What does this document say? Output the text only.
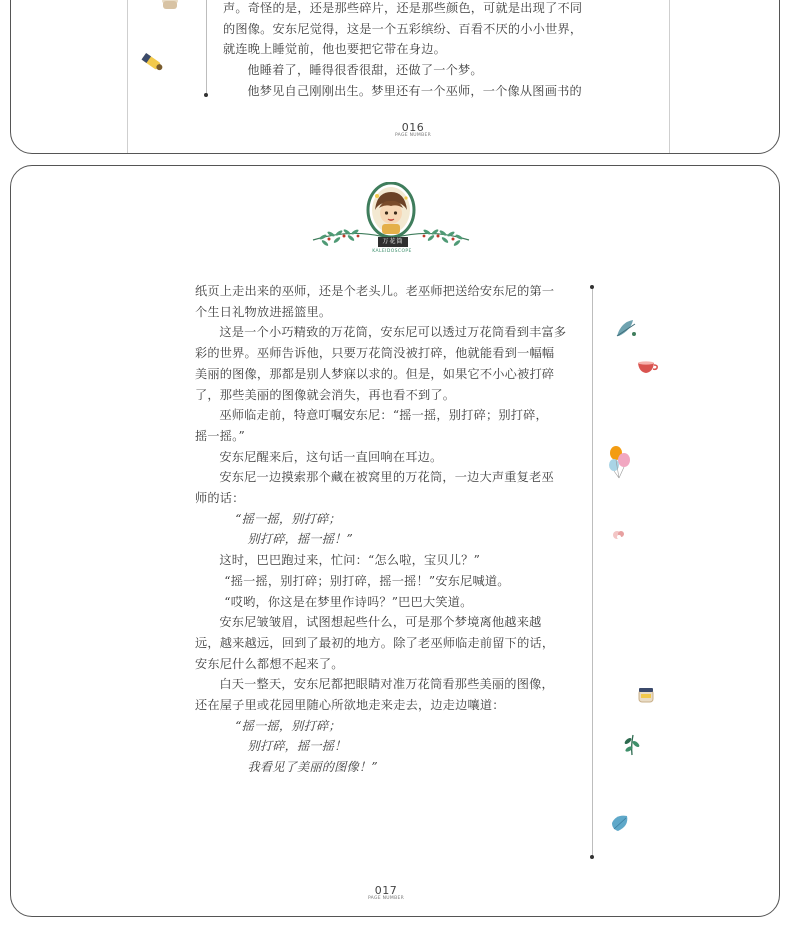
声。奇怪的是，还是那些碎片，还是那些颜色，可就是出现了不同
的图像。安东尼觉得，这是一个五彩缤纷、百看不厌的小小世界，
就连晚上睡觉前，他也要把它带在身边。
他睡着了，睡得很香很甜，还做了一个梦。
他梦见自己刚刚出生。梦里还有一个巫师，一个像从图画书的
016
PAGE NUMBER
万花筒
KALEIDOSCOPE
纸页上走出来的巫师，还是个老头儿。老巫师把送给安东尼的第一
个生日礼物放进摇篮里。
这是一个小巧精致的万花筒，安东尼可以透过万花筒看到丰富多
彩的世界。巫师告诉他，只要万花筒没被打碎，他就能看到一幅幅
美丽的图像，那都是别人梦寐以求的。但是，如果它不小心被打碎
了，那些美丽的图像就会消失，再也看不到了。
巫师临走前，特意叮嘱安东尼：“摇一摇，别打碎；别打碎，
摇一摇。”
安东尼醒来后，这句话一直回响在耳边。
安东尼一边摸索那个藏在被窝里的万花筒，一边大声重复老巫
师的话：
“摇一摇，别打碎；
别打碎，摇一摇！”
这时，巴巴跑过来，忙问：“怎么啦，宝贝儿？”
“摇一摇，别打碎；别打碎，摇一摇！”安东尼喊道。
“哎哟，你这是在梦里作诗吗？”巴巴大笑道。
安东尼皱皱眉，试图想起些什么，可是那个梦境离他越来越
远，越来越远，回到了最初的地方。除了老巫师临走前留下的话，
安东尼什么都想不起来了。
白天一整天，安东尼都把眼睛对准万花筒看那些美丽的图像，
还在屋子里或花园里随心所欲地走来走去，边走边嚷道：
“摇一摇，别打碎；
别打碎，摇一摇！
我看见了美丽的图像！”
017
PAGE NUMBER
